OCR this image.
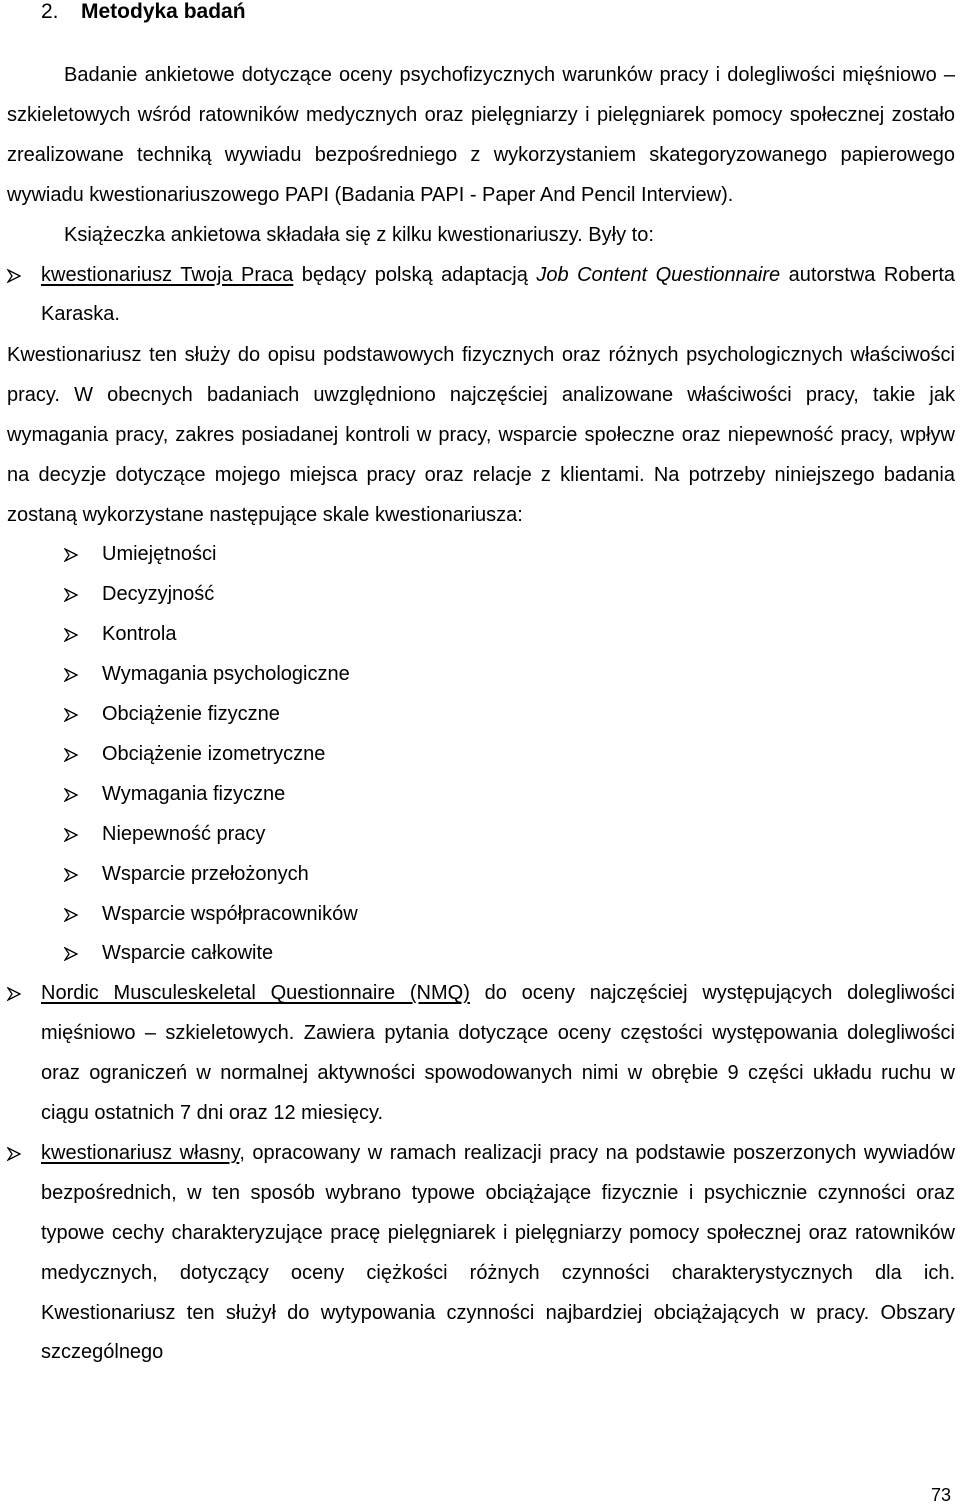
2. Metodyka badań

Badanie ankietowe dotyczące oceny psychofizycznych warunków pracy i dolegliwości mięśniowo – szkieletowych wśród ratowników medycznych oraz pielęgniarzy i pielęgniarek pomocy społecznej zostało zrealizowane techniką wywiadu bezpośredniego z wykorzystaniem skategoryzowanego papierowego wywiadu kwestionariuszowego PAPI (Badania PAPI - Paper And Pencil Interview).

Książeczka ankietowa składała się z kilku kwestionariuszy. Były to:

kwestionariusz Twoja Praca będący polską adaptacją Job Content Questionnaire autorstwa Roberta Karaska.

Kwestionariusz ten służy do opisu podstawowych fizycznych oraz różnych psychologicznych właściwości pracy. W obecnych badaniach uwzględniono najczęściej analizowane właściwości pracy, takie jak wymagania pracy, zakres posiadanej kontroli w pracy, wsparcie społeczne oraz niepewność pracy, wpływ na decyzje dotyczące mojego miejsca pracy oraz relacje z klientami. Na potrzeby niniejszego badania zostaną wykorzystane następujące skale kwestionariusza:

Umiejętności
Decyzyjność
Kontrola
Wymagania psychologiczne
Obciążenie fizyczne
Obciążenie izometryczne
Wymagania fizyczne
Niepewność pracy
Wsparcie przełożonych
Wsparcie współpracowników
Wsparcie całkowite
Nordic Musculeskeletal Questionnaire (NMQ) do oceny najczęściej występujących dolegliwości mięśniowo – szkieletowych. Zawiera pytania dotyczące oceny częstości występowania dolegliwości oraz ograniczeń w normalnej aktywności spowodowanych nimi w obrębie 9 części układu ruchu w ciągu ostatnich 7 dni oraz 12 miesięcy.
kwestionariusz własny, opracowany w ramach realizacji pracy na podstawie poszerzonych wywiadów bezpośrednich, w ten sposób wybrano typowe obciążające fizycznie i psychicznie czynności oraz typowe cechy charakteryzujące pracę pielęgniarek i pielęgniarzy pomocy społecznej oraz ratowników medycznych, dotyczący oceny ciężkości różnych czynności charakterystycznych dla ich. Kwestionariusz ten służył do wytypowania czynności najbardziej obciążających w pracy. Obszary szczególnego
73
